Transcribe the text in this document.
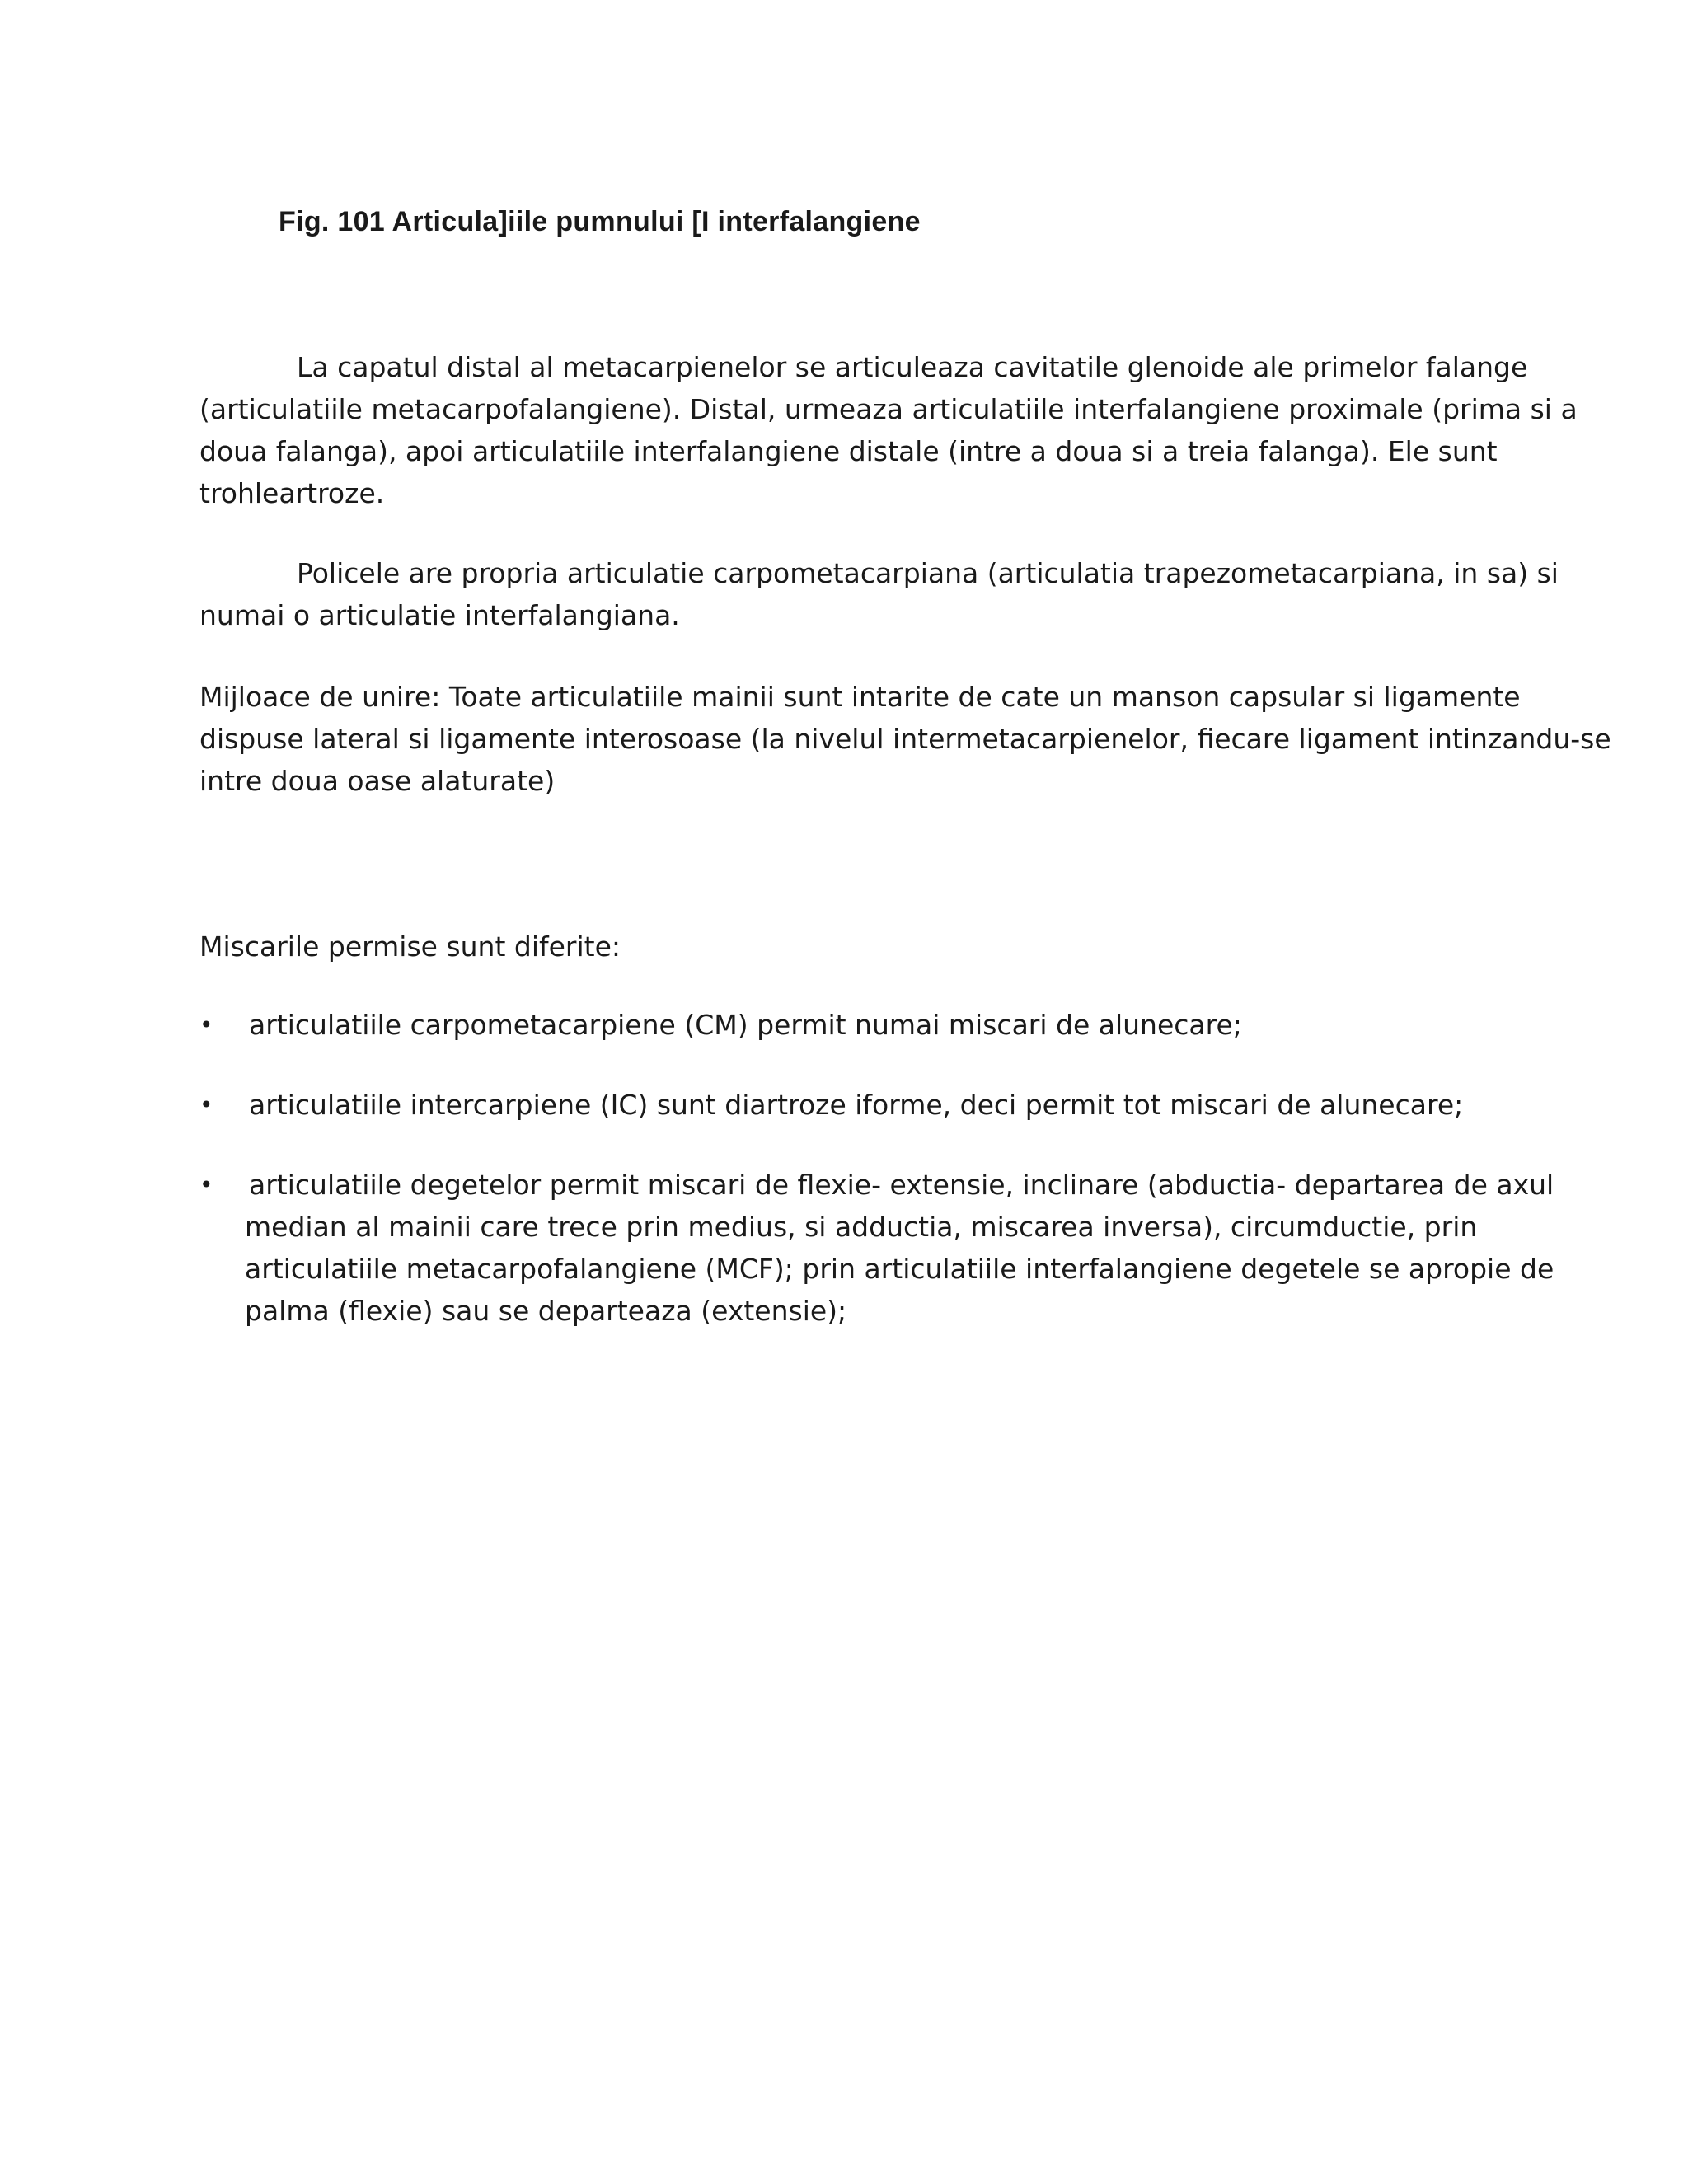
Fig. 101 Articula]iile pumnului [I interfalangiene
La capatul distal al metacarpienelor se articuleaza cavitatile glenoide ale primelor falange
(articulatiile metacarpofalangiene). Distal, urmeaza articulatiile interfalangiene proximale (prima si a
doua falanga), apoi articulatiile interfalangiene distale (intre a doua si a treia falanga). Ele sunt
trohleartroze.
Policele are propria articulatie carpometacarpiana (articulatia trapezometacarpiana, in sa) si
numai o articulatie interfalangiana.
Mijloace de unire: Toate articulatiile mainii sunt intarite de cate un manson capsular si ligamente
dispuse lateral si ligamente interosoase (la nivelul intermetacarpienelor, fiecare ligament intinzandu-se
intre doua oase alaturate)
Miscarile permise sunt diferite:
• articulatiile carpometacarpiene (CM) permit numai miscari de alunecare;
• articulatiile intercarpiene (IC) sunt diartroze iforme, deci permit tot miscari de alunecare;
• articulatiile degetelor permit miscari de flexie- extensie, inclinare (abductia- departarea de axul
median al mainii care trece prin medius, si adductia, miscarea inversa), circumductie, prin
articulatiile metacarpofalangiene (MCF); prin articulatiile interfalangiene degetele se apropie de
palma (flexie) sau se departeaza (extensie);
